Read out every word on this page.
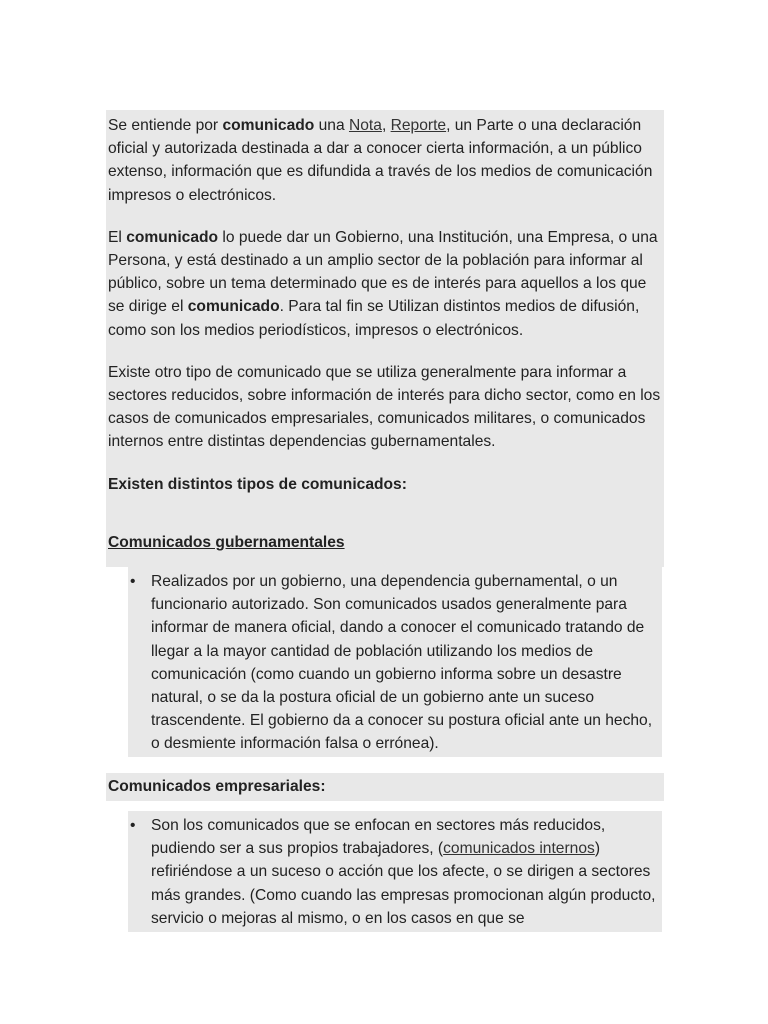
Se entiende por comunicado una Nota, Reporte, un Parte o una declaración oficial y autorizada destinada a dar a conocer cierta información, a un público extenso, información que es difundida a través de los medios de comunicación impresos o electrónicos.

El comunicado lo puede dar un Gobierno, una Institución, una Empresa, o una Persona, y está destinado a un amplio sector de la población para informar al público, sobre un tema determinado que es de interés para aquellos a los que se dirige el comunicado. Para tal fin se Utilizan distintos medios de difusión, como son los medios periodísticos, impresos o electrónicos.

Existe otro tipo de comunicado que se utiliza generalmente para informar a sectores reducidos, sobre información de interés para dicho sector, como en los casos de comunicados empresariales, comunicados militares, o comunicados internos entre distintas dependencias gubernamentales.

Existen distintos tipos de comunicados:

Comunicados gubernamentales

• Realizados por un gobierno, una dependencia gubernamental, o un funcionario autorizado. Son comunicados usados generalmente para informar de manera oficial, dando a conocer el comunicado tratando de llegar a la mayor cantidad de población utilizando los medios de comunicación (como cuando un gobierno informa sobre un desastre natural, o se da la postura oficial de un gobierno ante un suceso trascendente. El gobierno da a conocer su postura oficial ante un hecho, o desmiente información falsa o errónea).

Comunicados empresariales:

• Son los comunicados que se enfocan en sectores más reducidos, pudiendo ser a sus propios trabajadores, (comunicados internos) refiriéndose a un suceso o acción que los afecte, o se dirigen a sectores más grandes. (Como cuando las empresas promocionan algún producto, servicio o mejoras al mismo, o en los casos en que se
